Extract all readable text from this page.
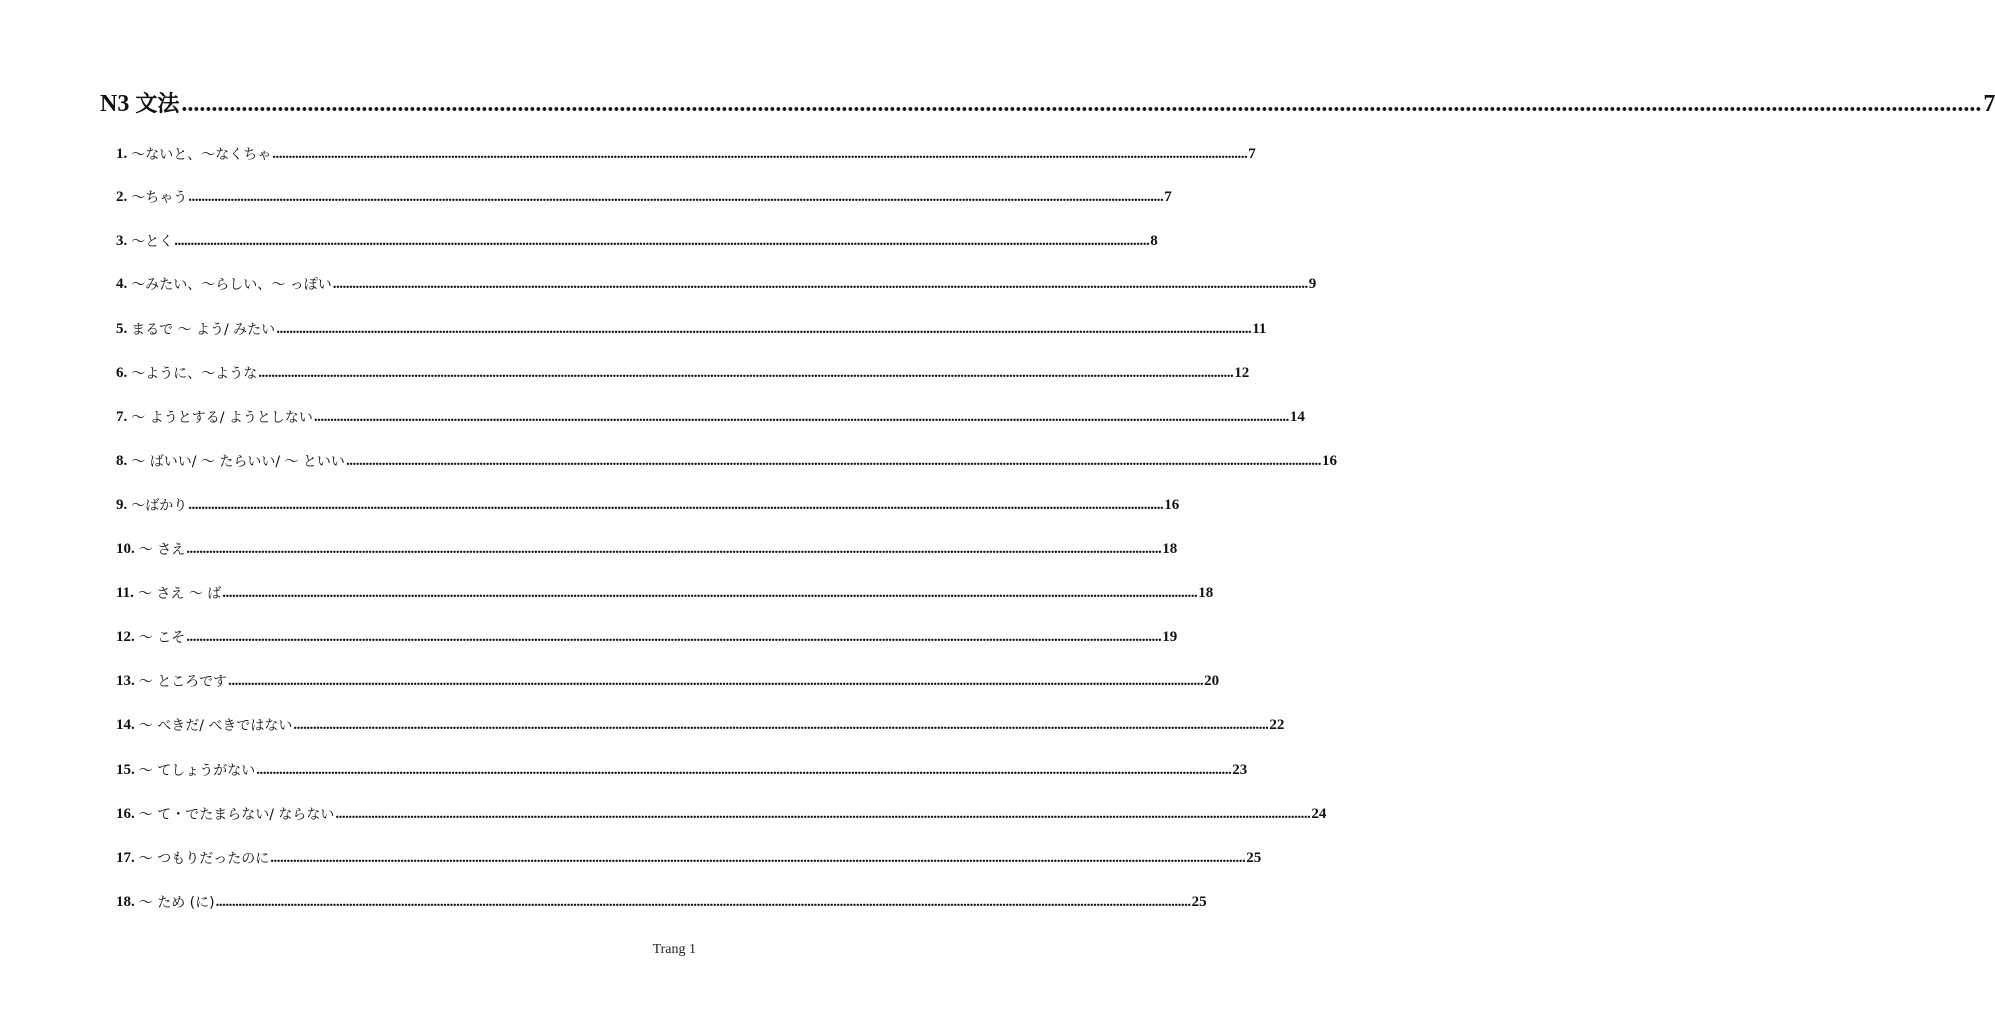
N3 文法 ............................................................................................................................................................................................................................................................................................................ 7
1. ～ないと、～なくちゃ ............................................................................................................................................................................................................................................................................................................ 7
2. ～ちゃう ............................................................................................................................................................................................................................................................................................................ 7
3. ～とく ............................................................................................................................................................................................................................................................................................................ 8
4. ～みたい、～らしい、～ っぽい ............................................................................................................................................................................................................................................................................................................ 9
5. まるで ～ よう/ みたい ............................................................................................................................................................................................................................................................................................................ 11
6. ～ように、～ような ............................................................................................................................................................................................................................................................................................................ 12
7. ～ ようとする/ ようとしない ............................................................................................................................................................................................................................................................................................................ 14
8. ～ ばいい/ ～ たらいい/ ～ といい ............................................................................................................................................................................................................................................................................................................ 16
9. ～ばかり ............................................................................................................................................................................................................................................................................................................ 16
10. ～ さえ ............................................................................................................................................................................................................................................................................................................ 18
11. ～ さえ ～ ば ............................................................................................................................................................................................................................................................................................................ 18
12. ～ こそ ............................................................................................................................................................................................................................................................................................................ 19
13. ～ ところです ............................................................................................................................................................................................................................................................................................................ 20
14. ～ べきだ/ べきではない ............................................................................................................................................................................................................................................................................................................ 22
15. ～ てしょうがない ............................................................................................................................................................................................................................................................................................................ 23
16. ～ て・でたまらない/ ならない ............................................................................................................................................................................................................................................................................................................ 24
17. ～ つもりだったのに ............................................................................................................................................................................................................................................................................................................ 25
18. ～ ため (に) ............................................................................................................................................................................................................................................................................................................ 25
Trang 1
